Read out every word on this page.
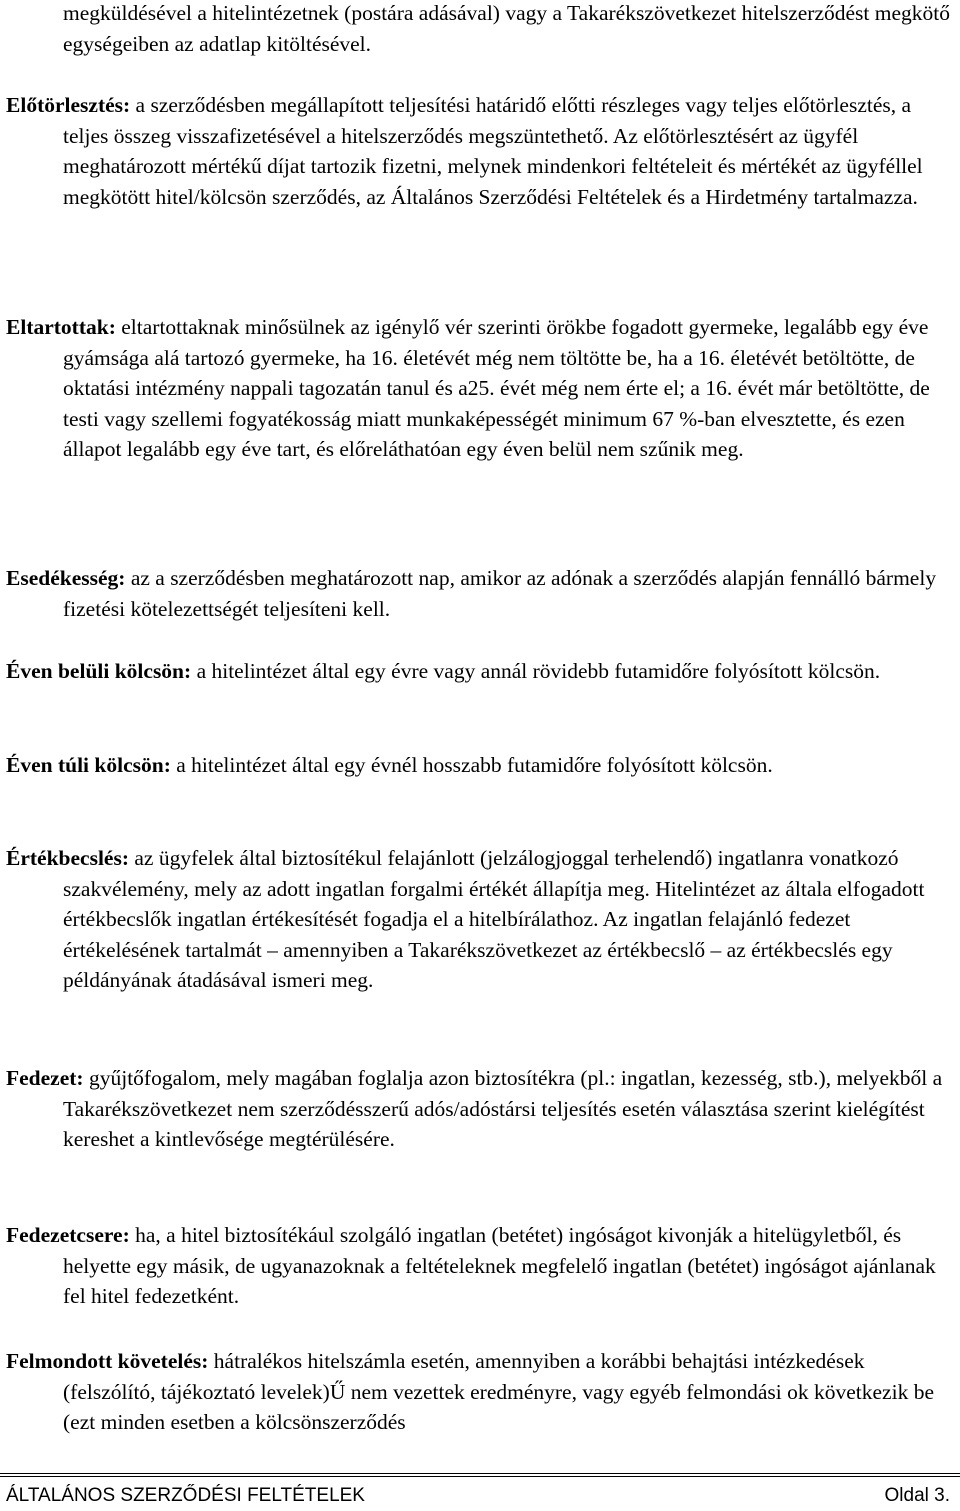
megküldésével a hitelintézetnek (postára adásával) vagy a Takarékszövetkezet hitelszerződést megkötő egységeiben az adatlap kitöltésével.

Előtörlesztés: a szerződésben megállapított teljesítési határidő előtti részleges vagy teljes előtörlesztés, a teljes összeg visszafizetésével a hitelszerződés megszüntethető. Az előtörlesztésért az ügyfél meghatározott mértékű díjat tartozik fizetni, melynek mindenkori feltételeit és mértékét az ügyféllel megkötött hitel/kölcsön szerződés, az Általános Szerződési Feltételek és a Hirdetmény tartalmazza.

Eltartottak: eltartottaknak minősülnek az igénylő vér szerinti örökbe fogadott gyermeke, legalább egy éve gyámsága alá tartozó gyermeke, ha 16. életévét még nem töltötte be, ha a 16. életévét betöltötte, de oktatási intézmény nappali tagozatán tanul és a25. évét még nem érte el; a 16. évét már betöltötte, de testi vagy szellemi fogyatékosság miatt munkaképességét minimum 67 %-ban elvesztette, és ezen állapot legalább egy éve tart, és előreláthatóan egy éven belül nem szűnik meg.

Esedékesség: az a szerződésben meghatározott nap, amikor az adónak a szerződés alapján fennálló bármely fizetési kötelezettségét teljesíteni kell.

Éven belüli kölcsön: a hitelintézet által egy évre vagy annál rövidebb futamidőre folyósított kölcsön.

Éven túli kölcsön: a hitelintézet által egy évnél hosszabb futamidőre folyósított kölcsön.

Értékbecslés: az ügyfelek által biztosítékul felajánlott (jelzálogjoggal terhelendő) ingatlanra vonatkozó szakvélemény, mely az adott ingatlan forgalmi értékét állapítja meg. Hitelintézet az általa elfogadott értékbecslők ingatlan értékesítését fogadja el a hitelbírálathoz. Az ingatlan felajánló fedezet értékelésének tartalmát – amennyiben a Takarékszövetkezet az értékbecslő – az értékbecslés egy példányának átadásával ismeri meg.

Fedezet: gyűjtőfogalom, mely magában foglalja azon biztosítékra (pl.: ingatlan, kezesség, stb.), melyekből a Takarékszövetkezet nem szerződésszerű adós/adóstársi teljesítés esetén választása szerint kielégítést kereshet a kintlevősége megtérülésére.

Fedezetcsere: ha, a hitel biztosítékául szolgáló ingatlan (betétet) ingóságot kivonják a hitelügyletből, és helyette egy másik, de ugyanazoknak a feltételeknek megfelelő ingatlan (betétet) ingóságot ajánlanak fel hitel fedezetként.

Felmondott követelés: hátralékos hitelszámla esetén, amennyiben a korábbi behajtási intézkedések (felszólító, tájékoztató levelek)Ű nem vezettek eredményre, vagy egyéb felmondási ok következik be (ezt minden esetben a kölcsönszerződés

ÁLTALÁNOS SZERZŐDÉSI FELTÉTELEK	Oldal 3.
